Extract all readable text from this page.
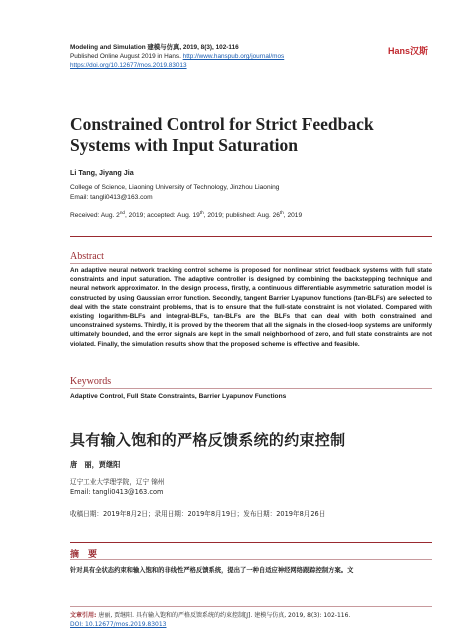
Modeling and Simulation 建模与仿真, 2019, 8(3), 102-116
Published Online August 2019 in Hans. http://www.hanspub.org/journal/mos
https://doi.org/10.12677/mos.2019.83013
Hans汉斯
Constrained Control for Strict Feedback Systems with Input Saturation
Li Tang, Jiyang Jia
College of Science, Liaoning University of Technology, Jinzhou Liaoning
Email: tangli0413@163.com
Received: Aug. 2nd, 2019; accepted: Aug. 19th, 2019; published: Aug. 26th, 2019
Abstract
An adaptive neural network tracking control scheme is proposed for nonlinear strict feedback systems with full state constraints and input saturation. The adaptive controller is designed by combining the backstepping technique and neural network approximator. In the design process, firstly, a continuous differentiable asymmetric saturation model is constructed by using Gaussian error function. Secondly, tangent Barrier Lyapunov functions (tan-BLFs) are selected to deal with the state constraint problems, that is to ensure that the full-state constraint is not violated. Compared with existing logarithm-BLFs and integral-BLFs, tan-BLFs are the BLFs that can deal with both constrained and unconstrained systems. Thirdly, it is proved by the theorem that all the signals in the closed-loop systems are uniformly ultimately bounded, and the error signals are kept in the small neighborhood of zero, and full state constraints are not violated. Finally, the simulation results show that the proposed scheme is effective and feasible.
Keywords
Adaptive Control, Full State Constraints, Barrier Lyapunov Functions
具有输入饱和的严格反馈系统的约束控制
唐　丽，贾继阳
辽宁工业大学理学院，辽宁 锦州
Email: tangli0413@163.com
收稿日期：2019年8月2日；录用日期：2019年8月19日；发布日期：2019年8月26日
摘　要
针对具有全状态约束和输入饱和的非线性严格反馈系统，提出了一种自适应神经网络跟踪控制方案。文
文章引用: 唐丽, 贾继阳. 具有输入饱和的严格反馈系统的约束控制[J]. 建模与仿真, 2019, 8(3): 102-116.
DOI: 10.12677/mos.2019.83013
